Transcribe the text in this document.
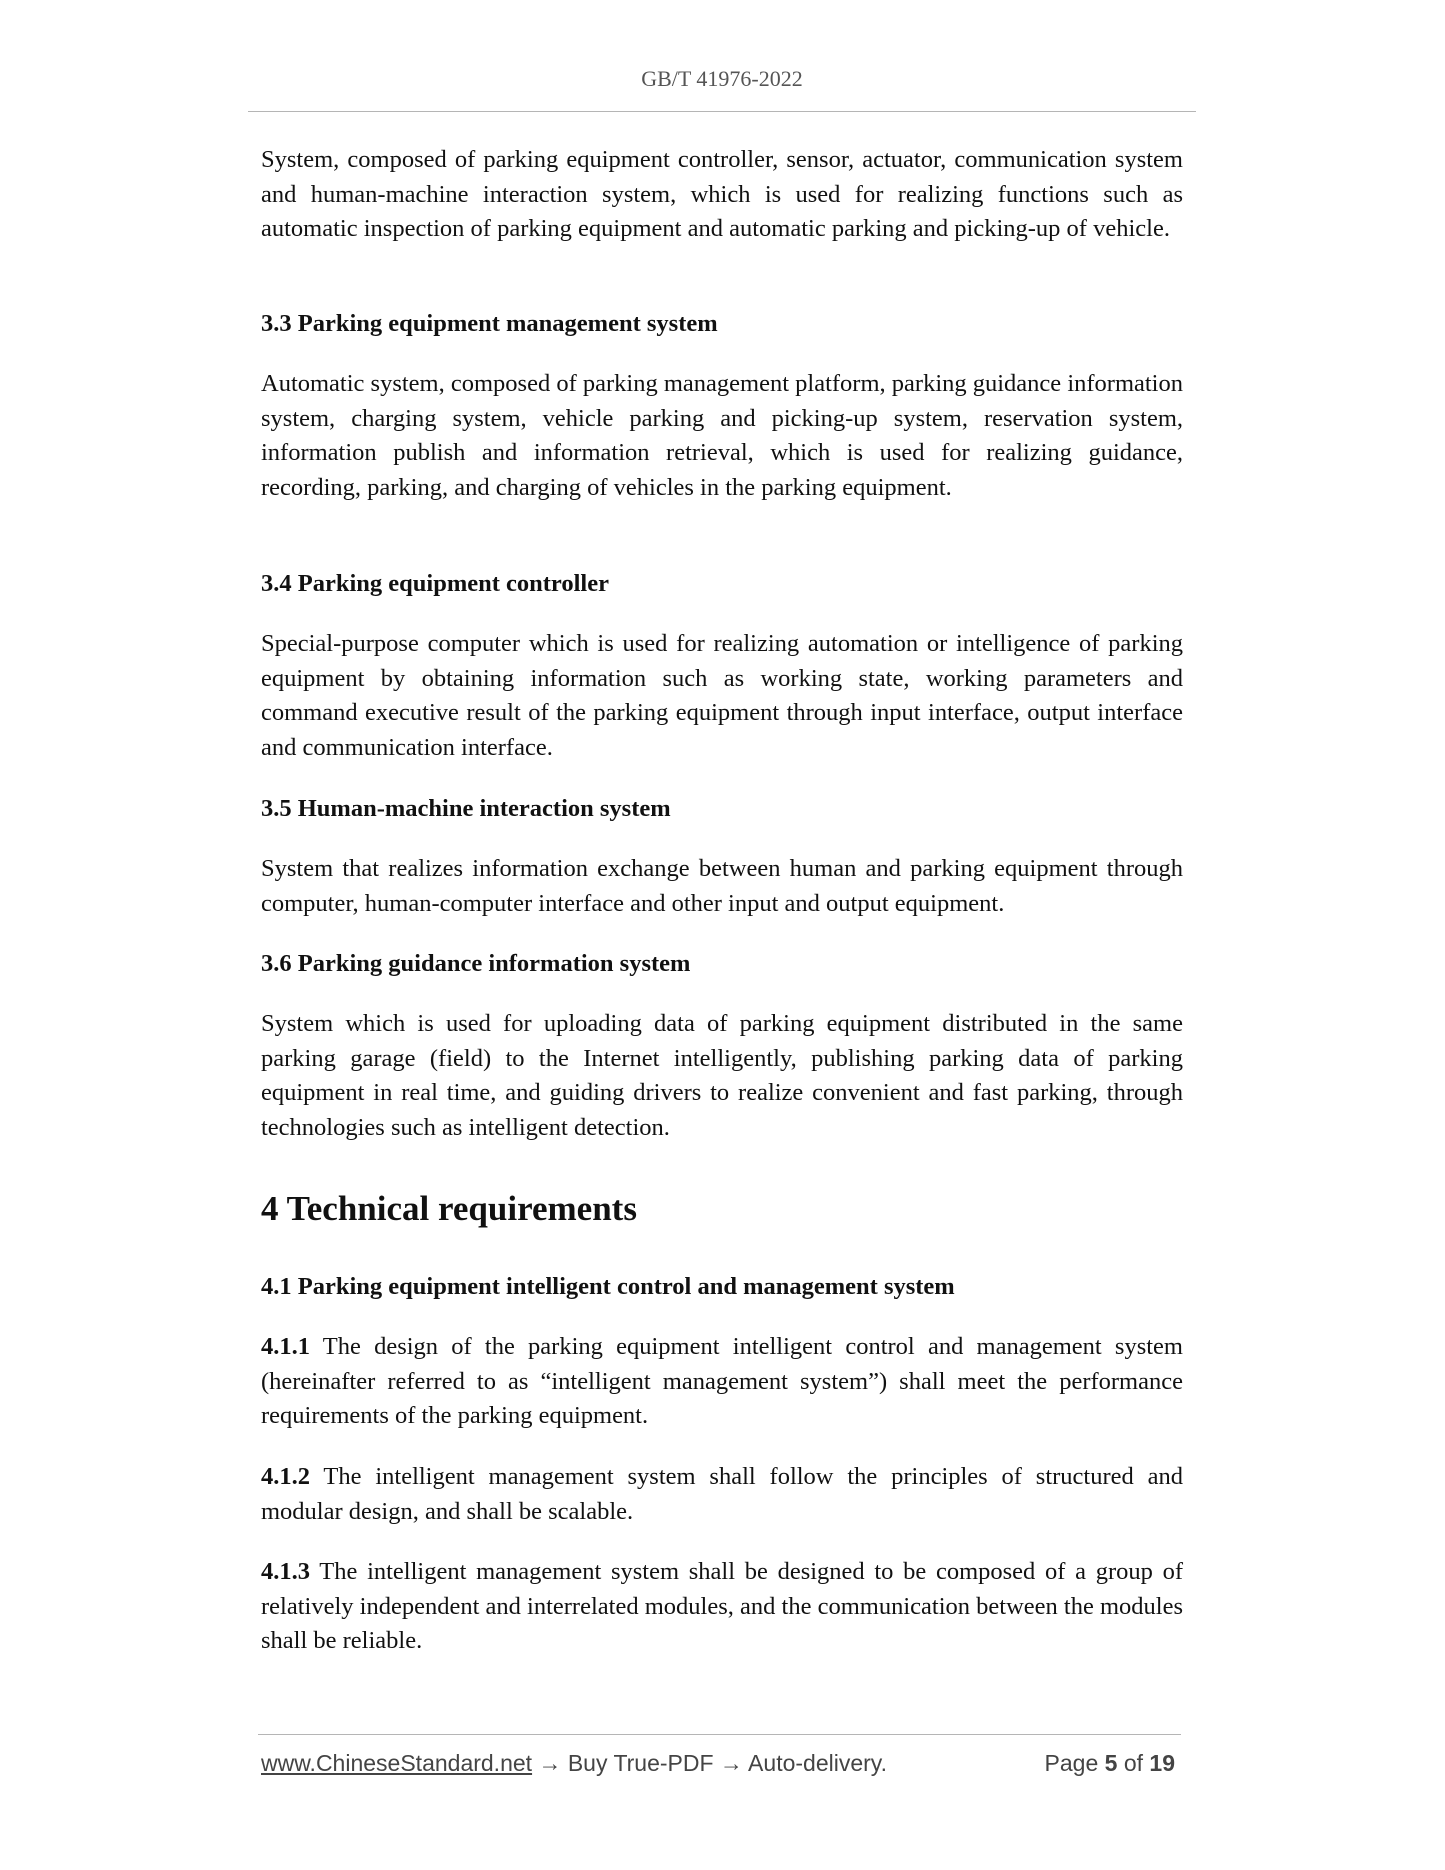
GB/T 41976-2022

System, composed of parking equipment controller, sensor, actuator, communication system and human-machine interaction system, which is used for realizing functions such as automatic inspection of parking equipment and automatic parking and picking-up of vehicle.

3.3 Parking equipment management system

Automatic system, composed of parking management platform, parking guidance information system, charging system, vehicle parking and picking-up system, reservation system, information publish and information retrieval, which is used for realizing guidance, recording, parking, and charging of vehicles in the parking equipment.

3.4 Parking equipment controller

Special-purpose computer which is used for realizing automation or intelligence of parking equipment by obtaining information such as working state, working parameters and command executive result of the parking equipment through input interface, output interface and communication interface.

3.5 Human-machine interaction system

System that realizes information exchange between human and parking equipment through computer, human-computer interface and other input and output equipment.

3.6 Parking guidance information system

System which is used for uploading data of parking equipment distributed in the same parking garage (field) to the Internet intelligently, publishing parking data of parking equipment in real time, and guiding drivers to realize convenient and fast parking, through technologies such as intelligent detection.

4 Technical requirements
4.1 Parking equipment intelligent control and management system

4.1.1 The design of the parking equipment intelligent control and management system (hereinafter referred to as “intelligent management system”) shall meet the performance requirements of the parking equipment.

4.1.2 The intelligent management system shall follow the principles of structured and modular design, and shall be scalable.

4.1.3 The intelligent management system shall be designed to be composed of a group of relatively independent and interrelated modules, and the communication between the modules shall be reliable.

www.ChineseStandard.net → Buy True-PDF → Auto-delivery.	Page 5 of 19
